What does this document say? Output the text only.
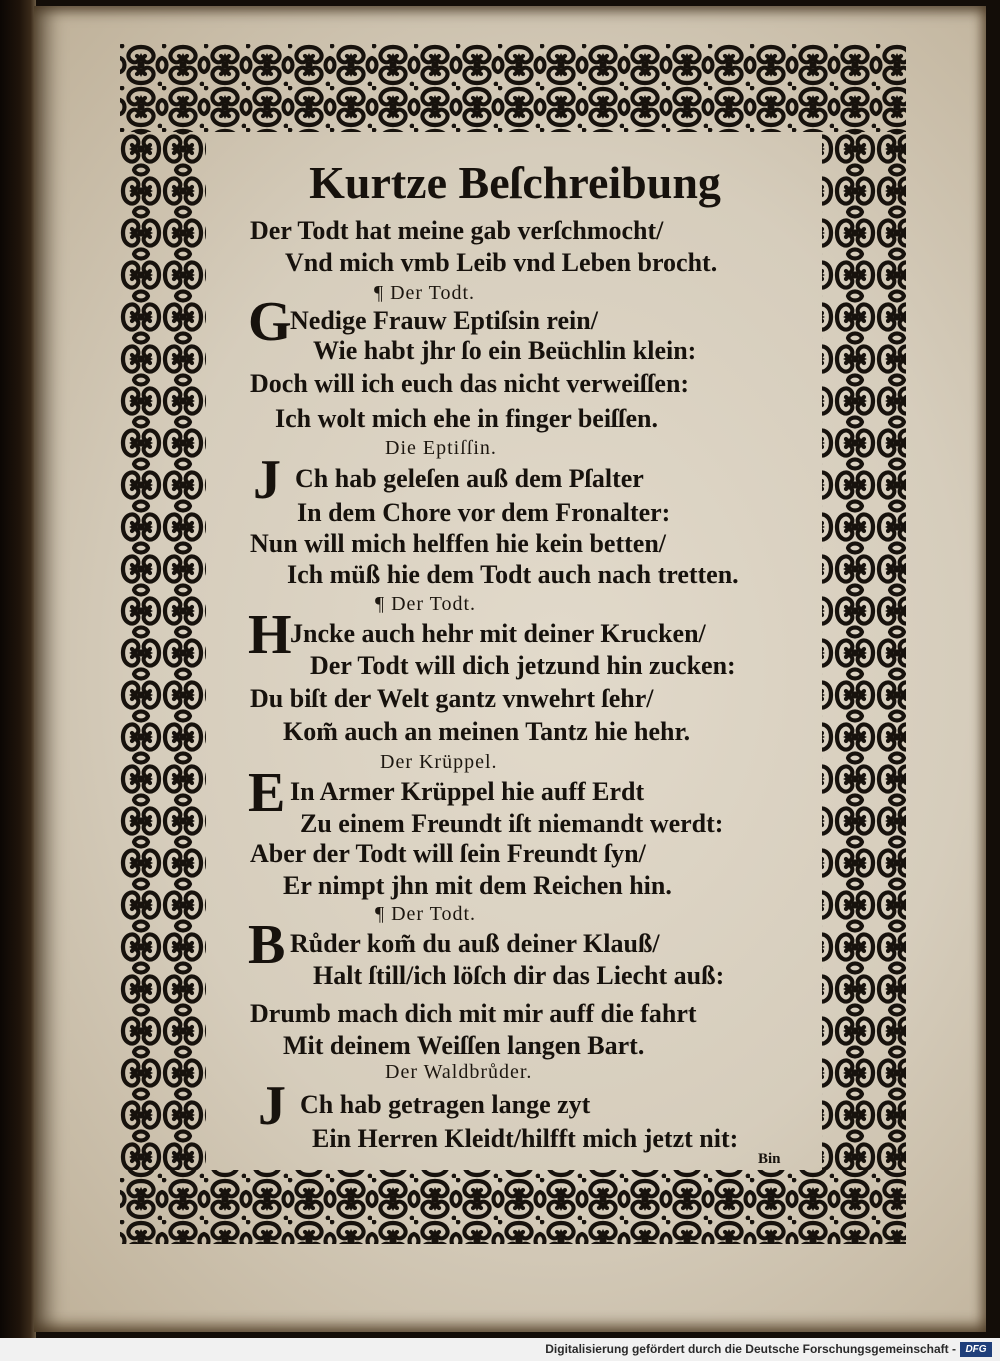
Kurtze Beſchreibung
Der Todt hat meine gab verſchmocht/
Vnd mich vmb Leib vnd Leben brocht.
¶ Der Todt.
G
Nedige Frauw Eptiſsin rein/
Wie habt jhr ſo ein Beüchlin klein:
Doch will ich euch das nicht verweiſſen:
Ich wolt mich ehe in finger beiſſen.
Die Eptiſſin.
J Ch hab geleſen auß dem Pſalter
In dem Chore vor dem Fronalter:
Nun will mich helffen hie kein betten/
Ich müß hie dem Todt auch nach tretten.
¶ Der Todt.
H
Jncke auch hehr mit deiner Krucken/
Der Todt will dich jetzund hin zucken:
Du biſt der Welt gantz vnwehrt ſehr/
Kom̃ auch an meinen Tantz hie hehr.
Der Krüppel.
E In Armer Krüppel hie auff Erdt
Zu einem Freundt iſt niemandt werdt:
Aber der Todt will ſein Freundt ſyn/
Er nimpt jhn mit dem Reichen hin.
¶ Der Todt.
B Růder kom̃ du auß deiner Klauß/
Halt ſtill/ich löſch dir das Liecht auß:
Drumb mach dich mit mir auff die fahrt
Mit deinem Weiſſen langen Bart.
Der Waldbrůder.
J Ch hab getragen lange zyt
Ein Herren Kleidt/hilfft mich jetzt nit:
Bin
Digitalisierung gefördert durch die Deutsche Forschungsgemeinschaft - DFG
